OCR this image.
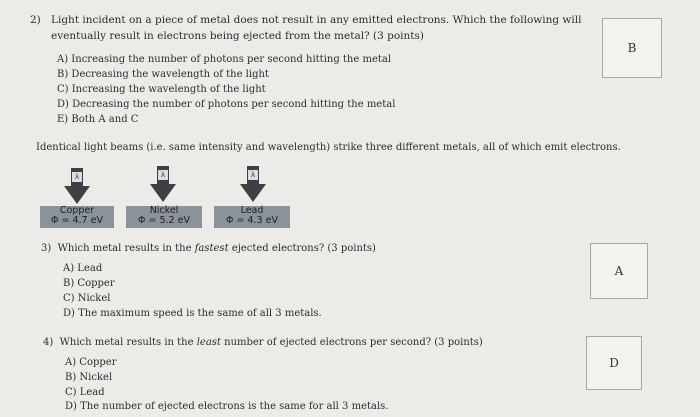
2) Light incident on a piece of metal does not result in any emitted electrons. Which the following will
eventually result in electrons being ejected from the metal? (3 points)
A) Increasing the number of photons per second hitting the metal
B) Decreasing the wavelength of the light
C) Increasing the wavelength of the light
D) Decreasing the number of photons per second hitting the metal
E) Both A and C
B
Identical light beams (i.e. same intensity and wavelength) strike three different metals, all of which emit electrons.
λ	λ	λ
Copper
Φ = 4.7 eV
Nickel
Φ = 5.2 eV
Lead
Φ = 4.3 eV
3) Which metal results in the fastest ejected electrons? (3 points)
A) Lead
B) Copper
C) Nickel
D) The maximum speed is the same of all 3 metals.
A
4) Which metal results in the least number of ejected electrons per second? (3 points)
A) Copper
B) Nickel
C) Lead
D) The number of ejected electrons is the same for all 3 metals.
D
